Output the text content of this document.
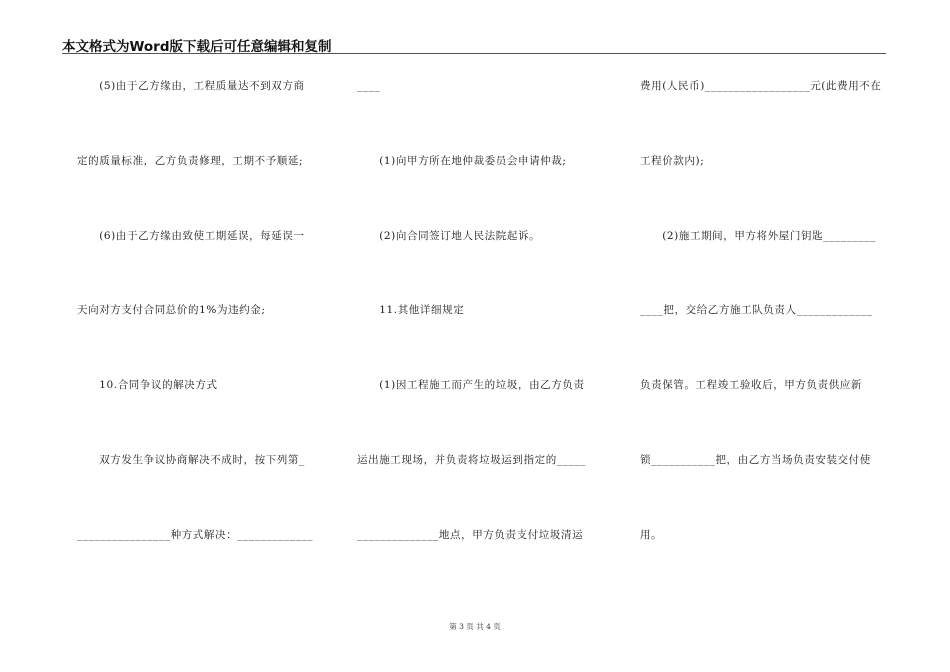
本文格式为Word版下载后可任意编辑和复制
　　(5)由于乙方缘由，工程质量达不到双方商
定的质量标准，乙方负责修理，工期不予顺延;
　　(6)由于乙方缘由致使工期延误，每延误一
天向对方支付合同总价的1%为违约金;
　　10.合同争议的解决方式
　　双方发生争议协商解决不成时，按下列第_
________________种方式解决：_____________
____
　　(1)向甲方所在地仲裁委员会申请仲裁;
　　(2)向合同签订地人民法院起诉。
　　11.其他详细规定
　　(1)因工程施工而产生的垃圾，由乙方负责
运出施工现场，并负责将垃圾运到指定的_____
______________地点，甲方负责支付垃圾清运
费用(人民币)__________________元(此费用不在
工程价款内);
　　(2)施工期间，甲方将外屋门钥匙_________
____把，交给乙方施工队负责人_____________
负责保管。工程竣工验收后，甲方负责供应新
锁___________把，由乙方当场负责安装交付使
用。
第 3 页 共 4 页
